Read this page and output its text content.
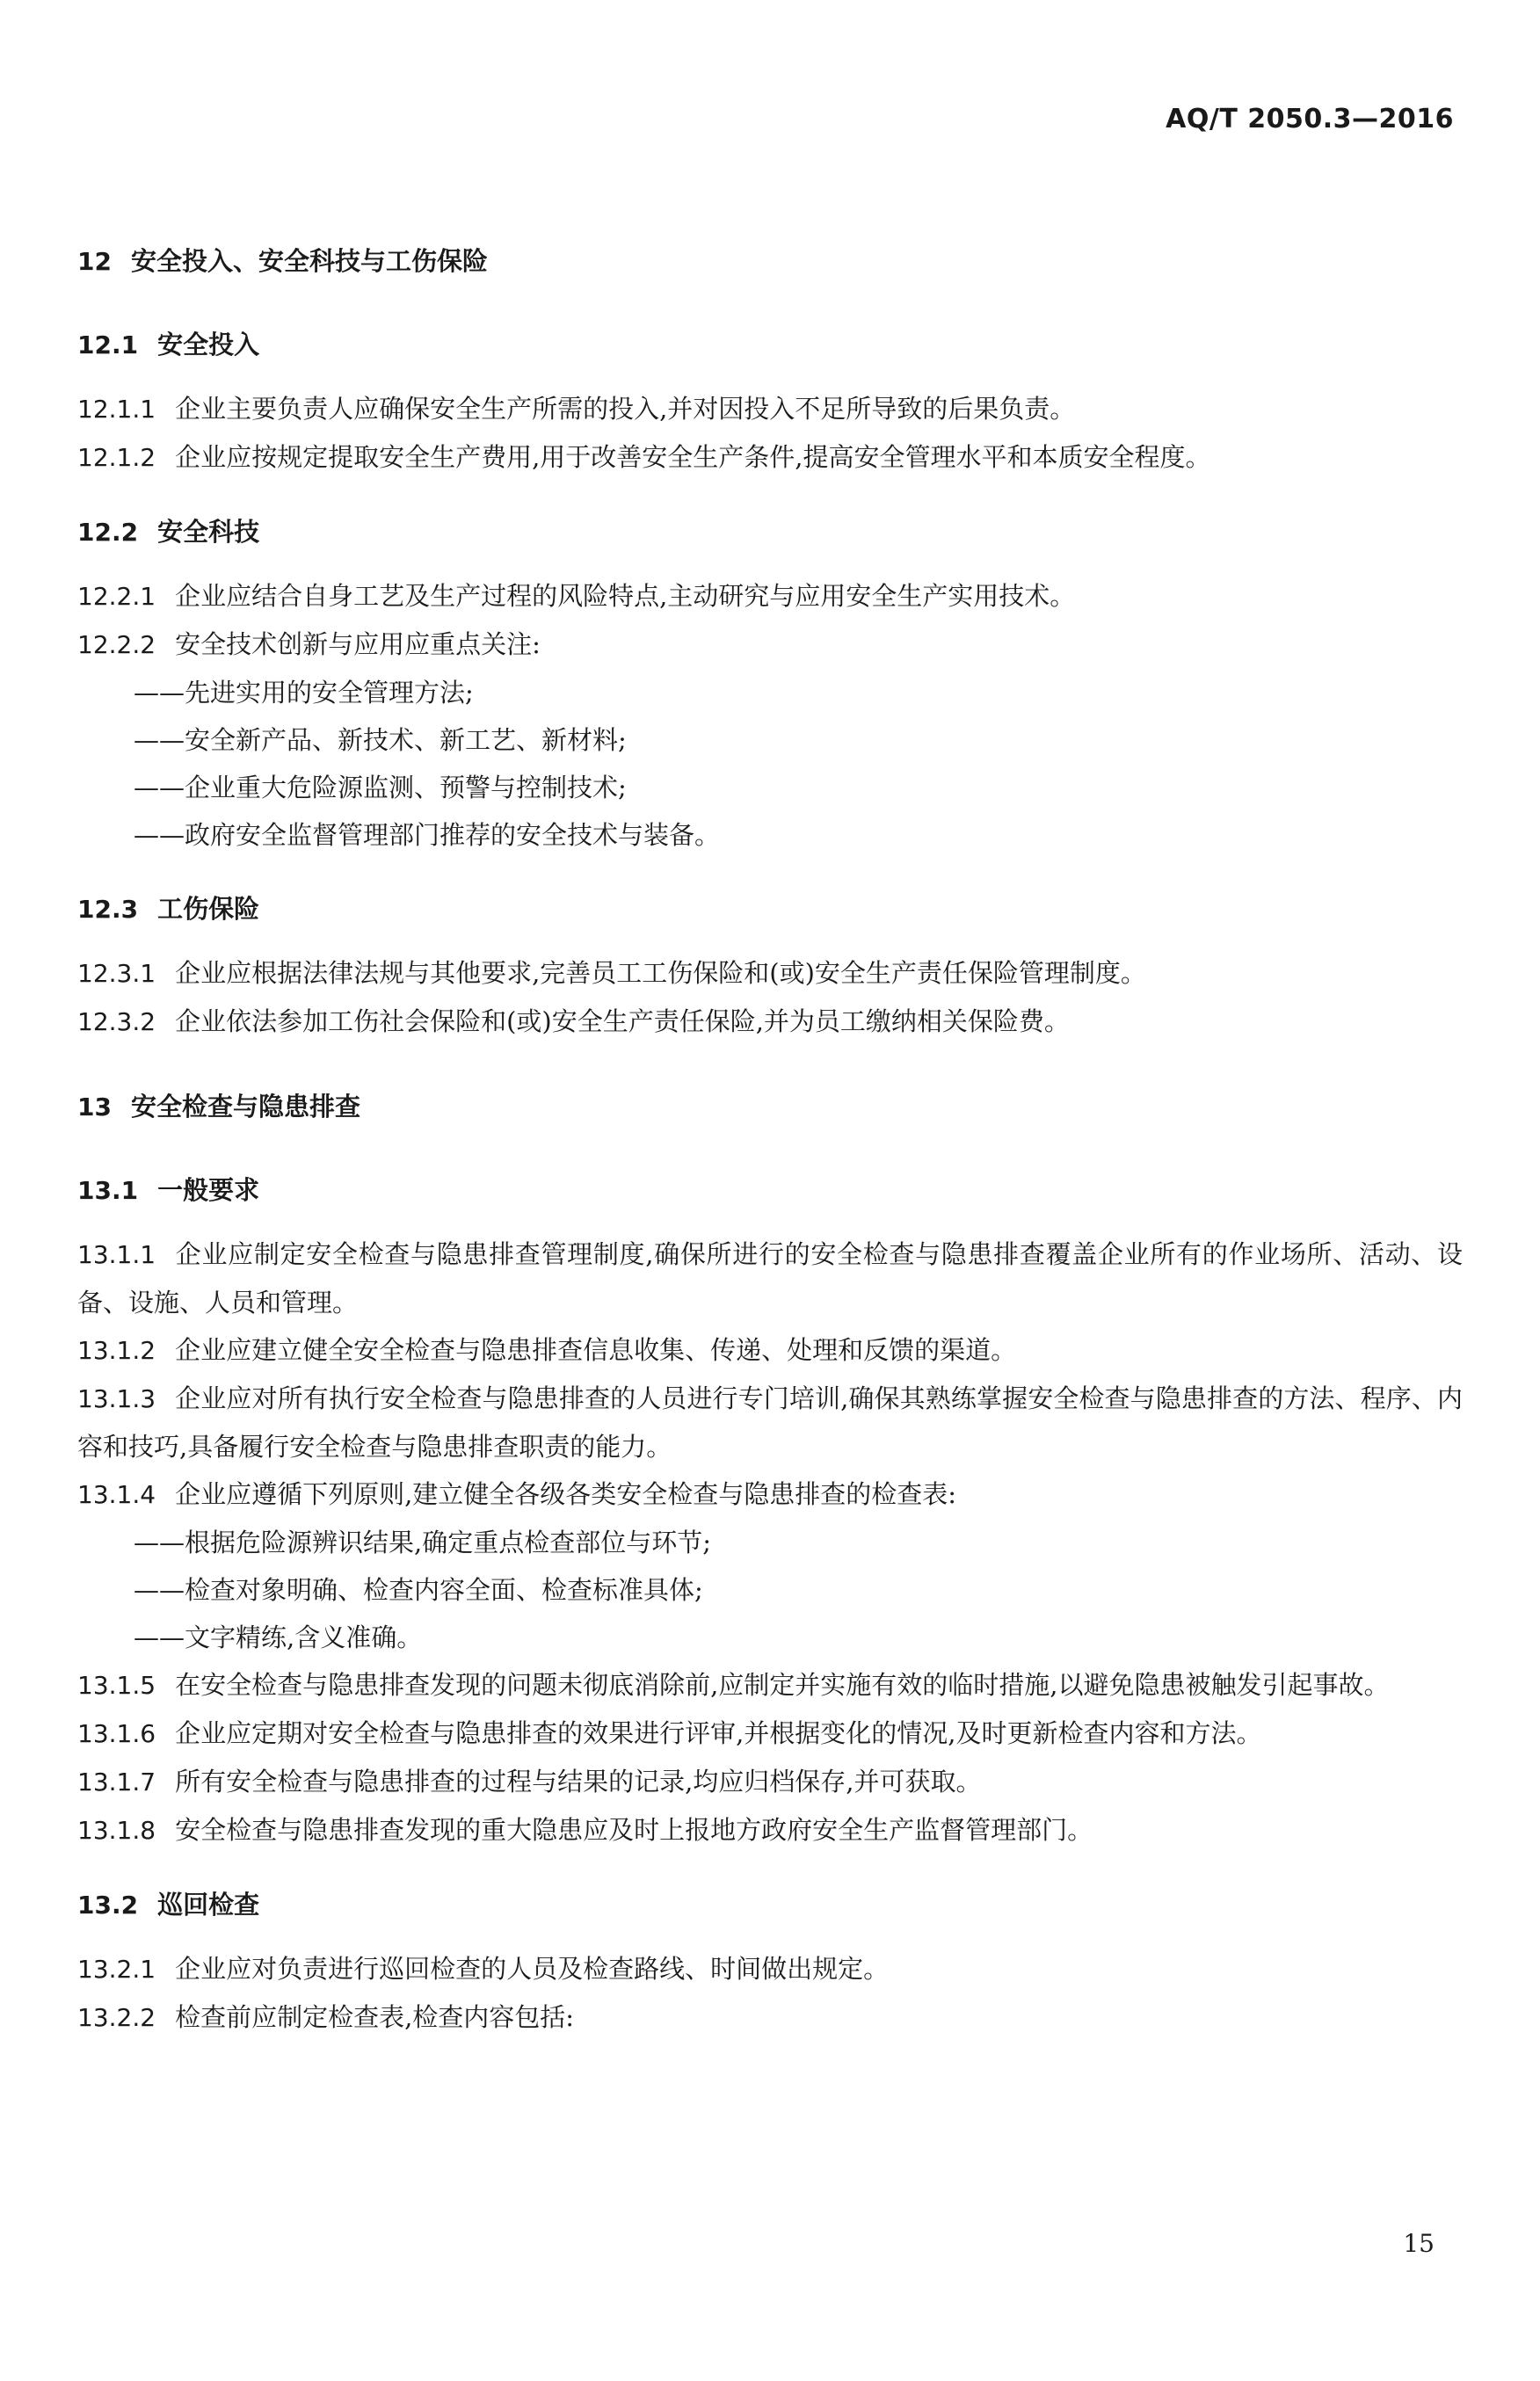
AQ/T 2050.3—2016
12 安全投入、安全科技与工伤保险
12.1 安全投入
12.1.1 企业主要负责人应确保安全生产所需的投入,并对因投入不足所导致的后果负责。
12.1.2 企业应按规定提取安全生产费用,用于改善安全生产条件,提高安全管理水平和本质安全程度。
12.2 安全科技
12.2.1 企业应结合自身工艺及生产过程的风险特点,主动研究与应用安全生产实用技术。
12.2.2 安全技术创新与应用应重点关注:
——先进实用的安全管理方法;
——安全新产品、新技术、新工艺、新材料;
——企业重大危险源监测、预警与控制技术;
——政府安全监督管理部门推荐的安全技术与装备。
12.3 工伤保险
12.3.1 企业应根据法律法规与其他要求,完善员工工伤保险和(或)安全生产责任保险管理制度。
12.3.2 企业依法参加工伤社会保险和(或)安全生产责任保险,并为员工缴纳相关保险费。
13 安全检查与隐患排查
13.1 一般要求
13.1.1 企业应制定安全检查与隐患排查管理制度,确保所进行的安全检查与隐患排查覆盖企业所有的作业场所、活动、设备、设施、人员和管理。
13.1.2 企业应建立健全安全检查与隐患排查信息收集、传递、处理和反馈的渠道。
13.1.3 企业应对所有执行安全检查与隐患排查的人员进行专门培训,确保其熟练掌握安全检查与隐患排查的方法、程序、内容和技巧,具备履行安全检查与隐患排查职责的能力。
13.1.4 企业应遵循下列原则,建立健全各级各类安全检查与隐患排查的检查表:
——根据危险源辨识结果,确定重点检查部位与环节;
——检查对象明确、检查内容全面、检查标准具体;
——文字精练,含义准确。
13.1.5 在安全检查与隐患排查发现的问题未彻底消除前,应制定并实施有效的临时措施,以避免隐患被触发引起事故。
13.1.6 企业应定期对安全检查与隐患排查的效果进行评审,并根据变化的情况,及时更新检查内容和方法。
13.1.7 所有安全检查与隐患排查的过程与结果的记录,均应归档保存,并可获取。
13.1.8 安全检查与隐患排查发现的重大隐患应及时上报地方政府安全生产监督管理部门。
13.2 巡回检查
13.2.1 企业应对负责进行巡回检查的人员及检查路线、时间做出规定。
13.2.2 检查前应制定检查表,检查内容包括:
15
